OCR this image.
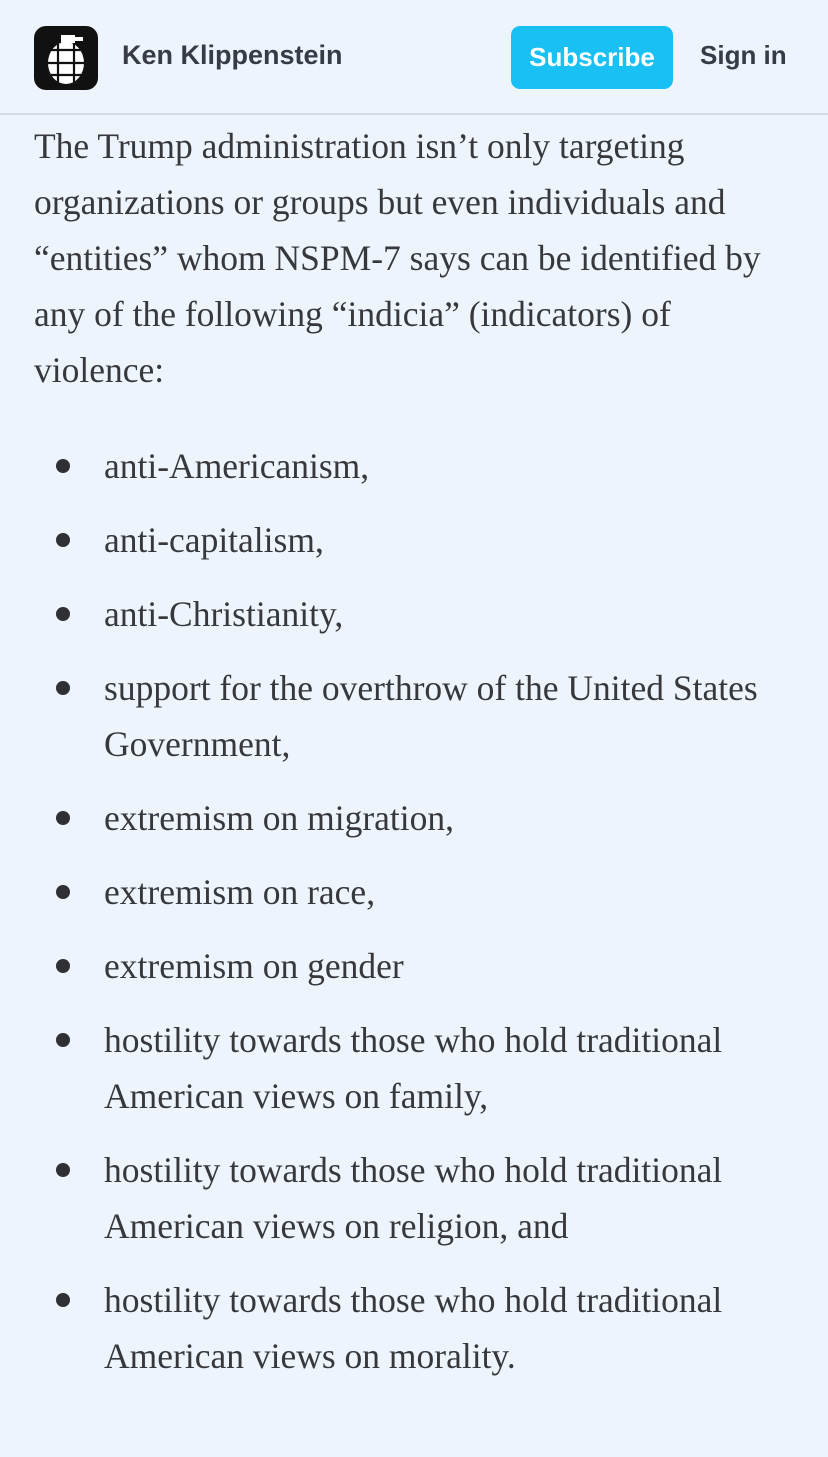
Ken Klippenstein	Subscribe	Sign in

The Trump administration isn’t only targeting organizations or groups but even individuals and “entities” whom NSPM-7 says can be identified by any of the following “indicia” (indicators) of violence:

anti-Americanism,
anti-capitalism,
anti-Christianity,
support for the overthrow of the United States Government,
extremism on migration,
extremism on race,
extremism on gender
hostility towards those who hold traditional American views on family,
hostility towards those who hold traditional American views on religion, and
hostility towards those who hold traditional American views on morality.
